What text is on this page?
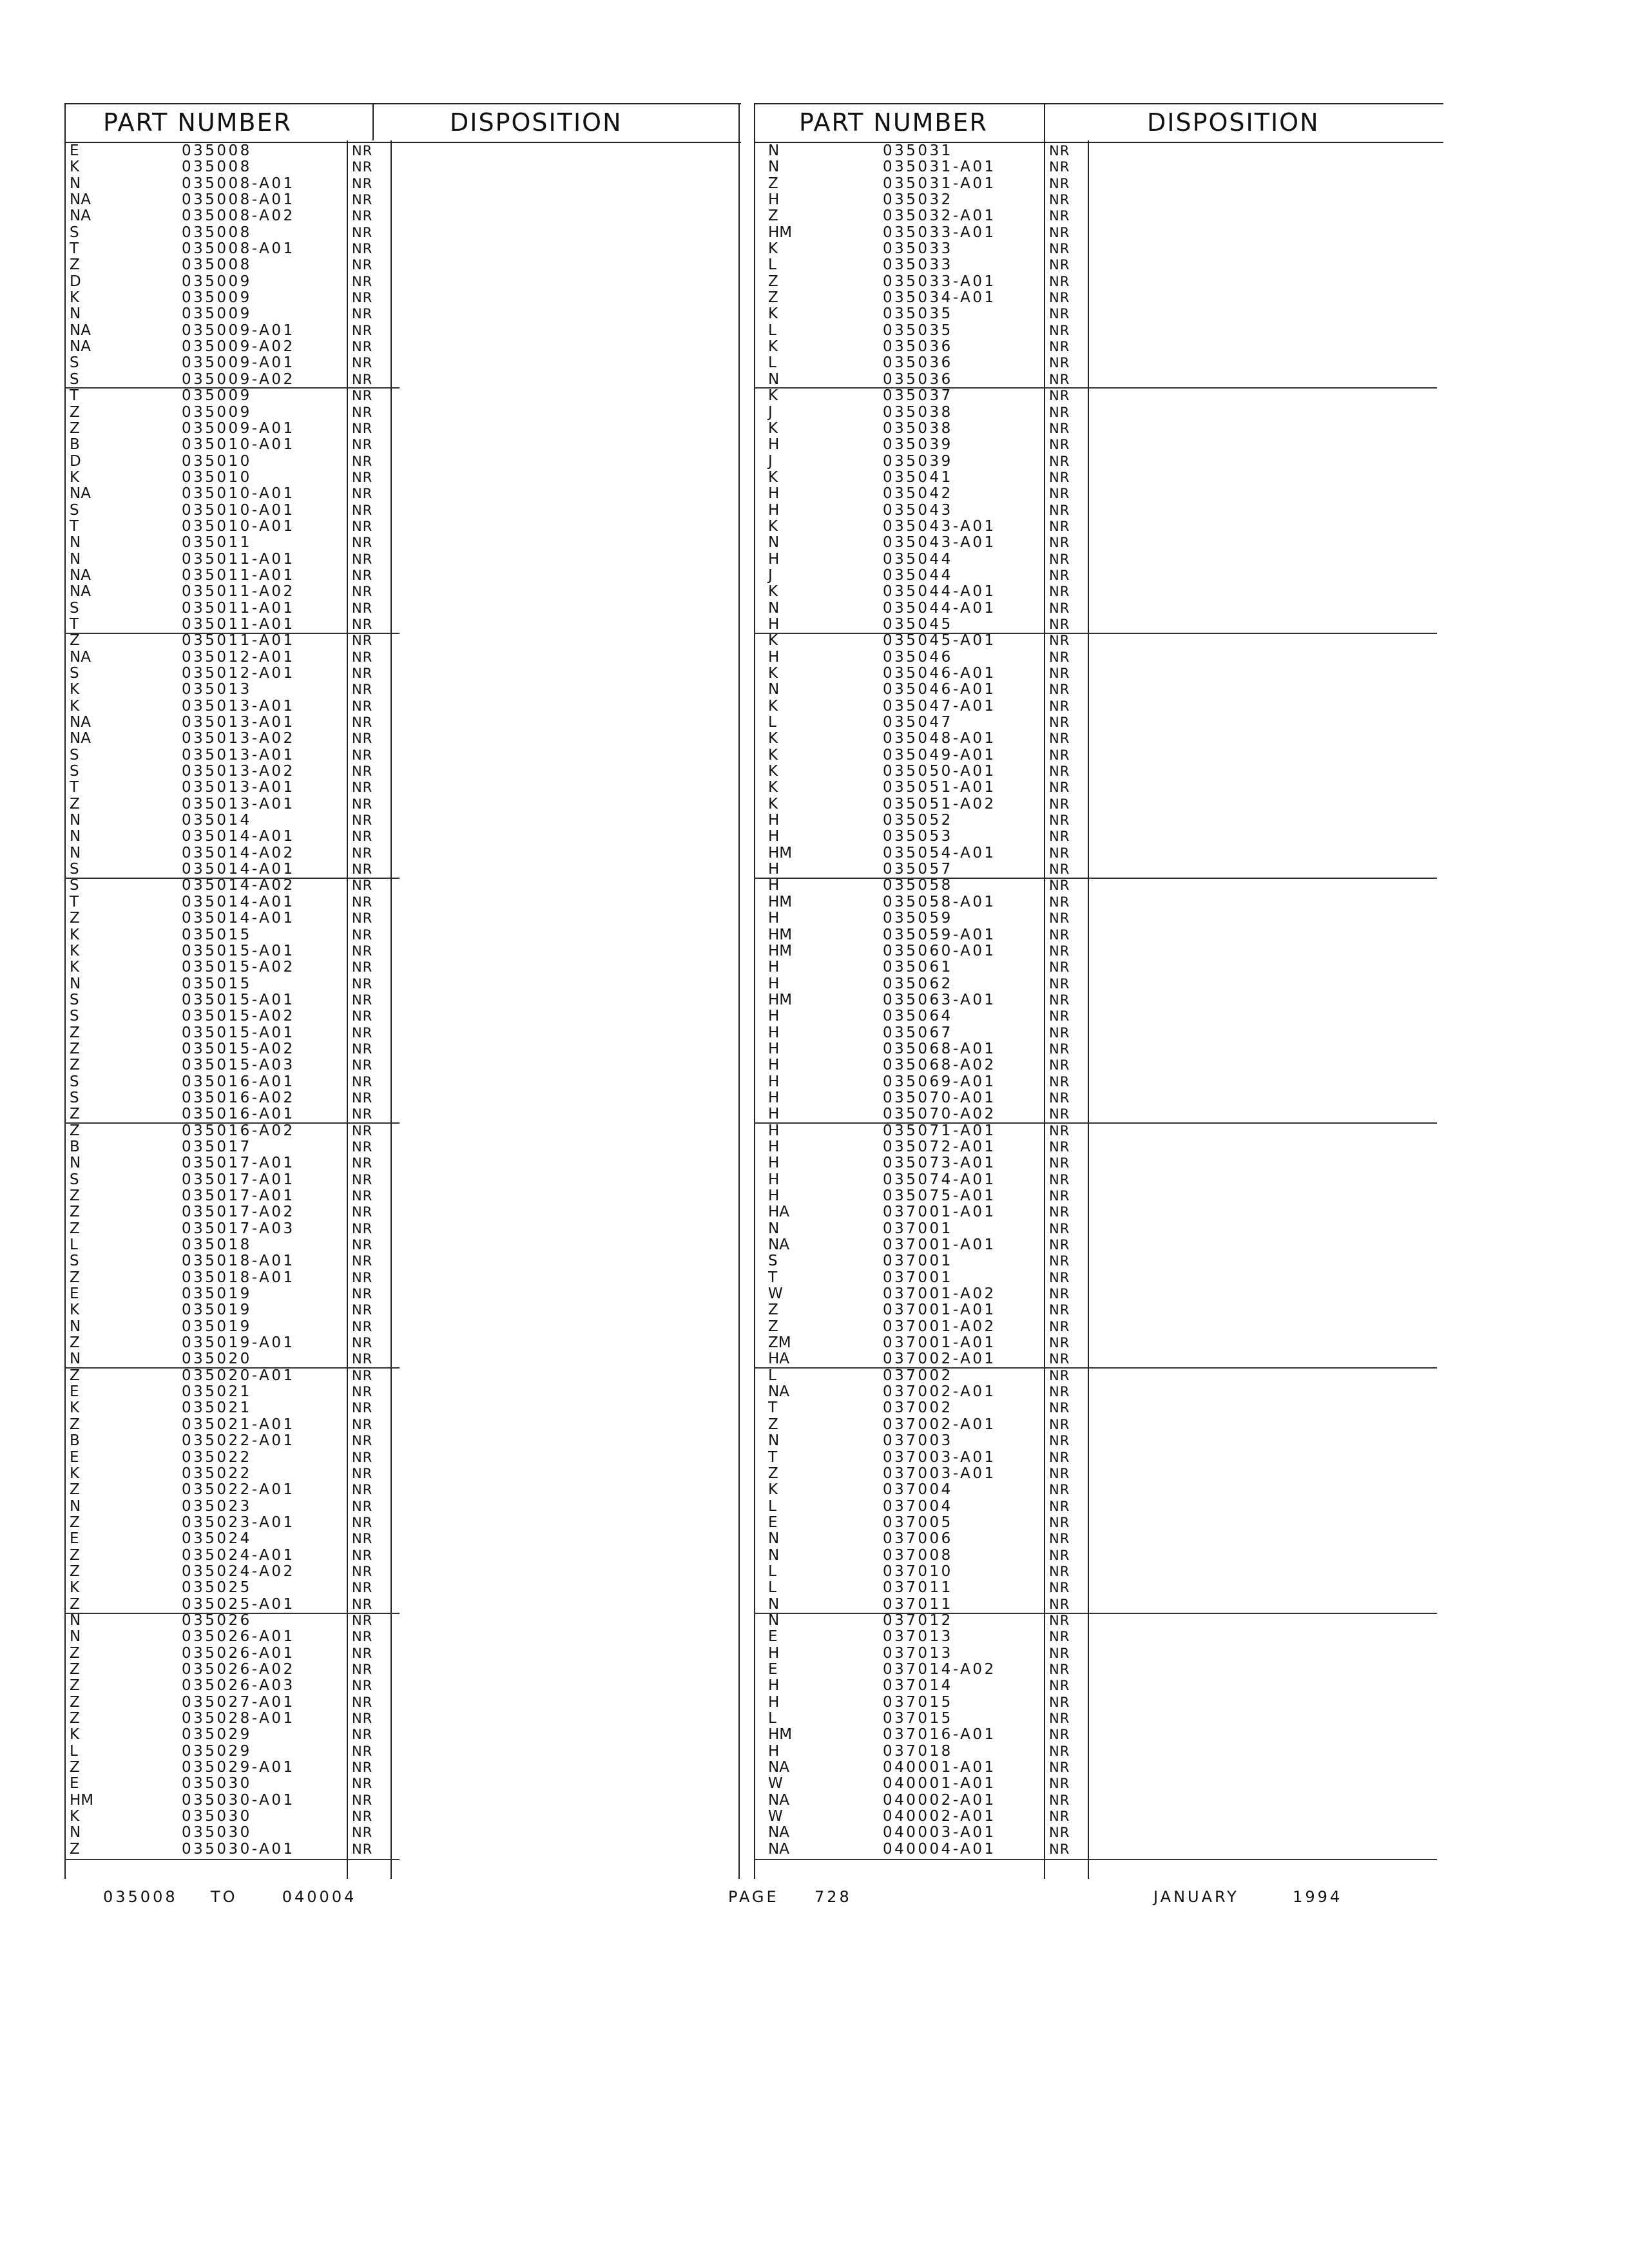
PART NUMBER	DISPOSITION
E	035008	NR
K	035008	NR
N	035008-A01	NR
NA	035008-A01	NR
NA	035008-A02	NR
S	035008	NR
T	035008-A01	NR
Z	035008	NR
D	035009	NR
K	035009	NR
N	035009	NR
NA	035009-A01	NR
NA	035009-A02	NR
S	035009-A01	NR
S	035009-A02	NR
T	035009	NR
Z	035009	NR
Z	035009-A01	NR
B	035010-A01	NR
D	035010	NR
K	035010	NR
NA	035010-A01	NR
S	035010-A01	NR
T	035010-A01	NR
N	035011	NR
N	035011-A01	NR
NA	035011-A01	NR
NA	035011-A02	NR
S	035011-A01	NR
T	035011-A01	NR
Z	035011-A01	NR
NA	035012-A01	NR
S	035012-A01	NR
K	035013	NR
K	035013-A01	NR
NA	035013-A01	NR
NA	035013-A02	NR
S	035013-A01	NR
S	035013-A02	NR
T	035013-A01	NR
Z	035013-A01	NR
N	035014	NR
N	035014-A01	NR
N	035014-A02	NR
S	035014-A01	NR
S	035014-A02	NR
T	035014-A01	NR
Z	035014-A01	NR
K	035015	NR
K	035015-A01	NR
K	035015-A02	NR
N	035015	NR
S	035015-A01	NR
S	035015-A02	NR
Z	035015-A01	NR
Z	035015-A02	NR
Z	035015-A03	NR
S	035016-A01	NR
S	035016-A02	NR
Z	035016-A01	NR
Z	035016-A02	NR
B	035017	NR
N	035017-A01	NR
S	035017-A01	NR
Z	035017-A01	NR
Z	035017-A02	NR
Z	035017-A03	NR
L	035018	NR
S	035018-A01	NR
Z	035018-A01	NR
E	035019	NR
K	035019	NR
N	035019	NR
Z	035019-A01	NR
N	035020	NR
Z	035020-A01	NR
E	035021	NR
K	035021	NR
Z	035021-A01	NR
B	035022-A01	NR
E	035022	NR
K	035022	NR
Z	035022-A01	NR
N	035023	NR
Z	035023-A01	NR
E	035024	NR
Z	035024-A01	NR
Z	035024-A02	NR
K	035025	NR
Z	035025-A01	NR
N	035026	NR
N	035026-A01	NR
Z	035026-A01	NR
Z	035026-A02	NR
Z	035026-A03	NR
Z	035027-A01	NR
Z	035028-A01	NR
K	035029	NR
L	035029	NR
Z	035029-A01	NR
E	035030	NR
HM	035030-A01	NR
K	035030	NR
N	035030	NR
Z	035030-A01	NR
PART NUMBER	DISPOSITION
N	035031	NR
N	035031-A01	NR
Z	035031-A01	NR
H	035032	NR
Z	035032-A01	NR
HM	035033-A01	NR
K	035033	NR
L	035033	NR
Z	035033-A01	NR
Z	035034-A01	NR
K	035035	NR
L	035035	NR
K	035036	NR
L	035036	NR
N	035036	NR
K	035037	NR
J	035038	NR
K	035038	NR
H	035039	NR
J	035039	NR
K	035041	NR
H	035042	NR
H	035043	NR
K	035043-A01	NR
N	035043-A01	NR
H	035044	NR
J	035044	NR
K	035044-A01	NR
N	035044-A01	NR
H	035045	NR
K	035045-A01	NR
H	035046	NR
K	035046-A01	NR
N	035046-A01	NR
K	035047-A01	NR
L	035047	NR
K	035048-A01	NR
K	035049-A01	NR
K	035050-A01	NR
K	035051-A01	NR
K	035051-A02	NR
H	035052	NR
H	035053	NR
HM	035054-A01	NR
H	035057	NR
H	035058	NR
HM	035058-A01	NR
H	035059	NR
HM	035059-A01	NR
HM	035060-A01	NR
H	035061	NR
H	035062	NR
HM	035063-A01	NR
H	035064	NR
H	035067	NR
H	035068-A01	NR
H	035068-A02	NR
H	035069-A01	NR
H	035070-A01	NR
H	035070-A02	NR
H	035071-A01	NR
H	035072-A01	NR
H	035073-A01	NR
H	035074-A01	NR
H	035075-A01	NR
HA	037001-A01	NR
N	037001	NR
NA	037001-A01	NR
S	037001	NR
T	037001	NR
W	037001-A02	NR
Z	037001-A01	NR
Z	037001-A02	NR
ZM	037001-A01	NR
HA	037002-A01	NR
L	037002	NR
NA	037002-A01	NR
T	037002	NR
Z	037002-A01	NR
N	037003	NR
T	037003-A01	NR
Z	037003-A01	NR
K	037004	NR
L	037004	NR
E	037005	NR
N	037006	NR
N	037008	NR
L	037010	NR
L	037011	NR
N	037011	NR
N	037012	NR
E	037013	NR
H	037013	NR
E	037014-A02	NR
H	037014	NR
H	037015	NR
L	037015	NR
HM	037016-A01	NR
H	037018	NR
NA	040001-A01	NR
W	040001-A01	NR
NA	040002-A01	NR
W	040002-A01	NR
NA	040003-A01	NR
NA	040004-A01	NR
035008 TO	040004	PAGE 728	JANUARY	1994
